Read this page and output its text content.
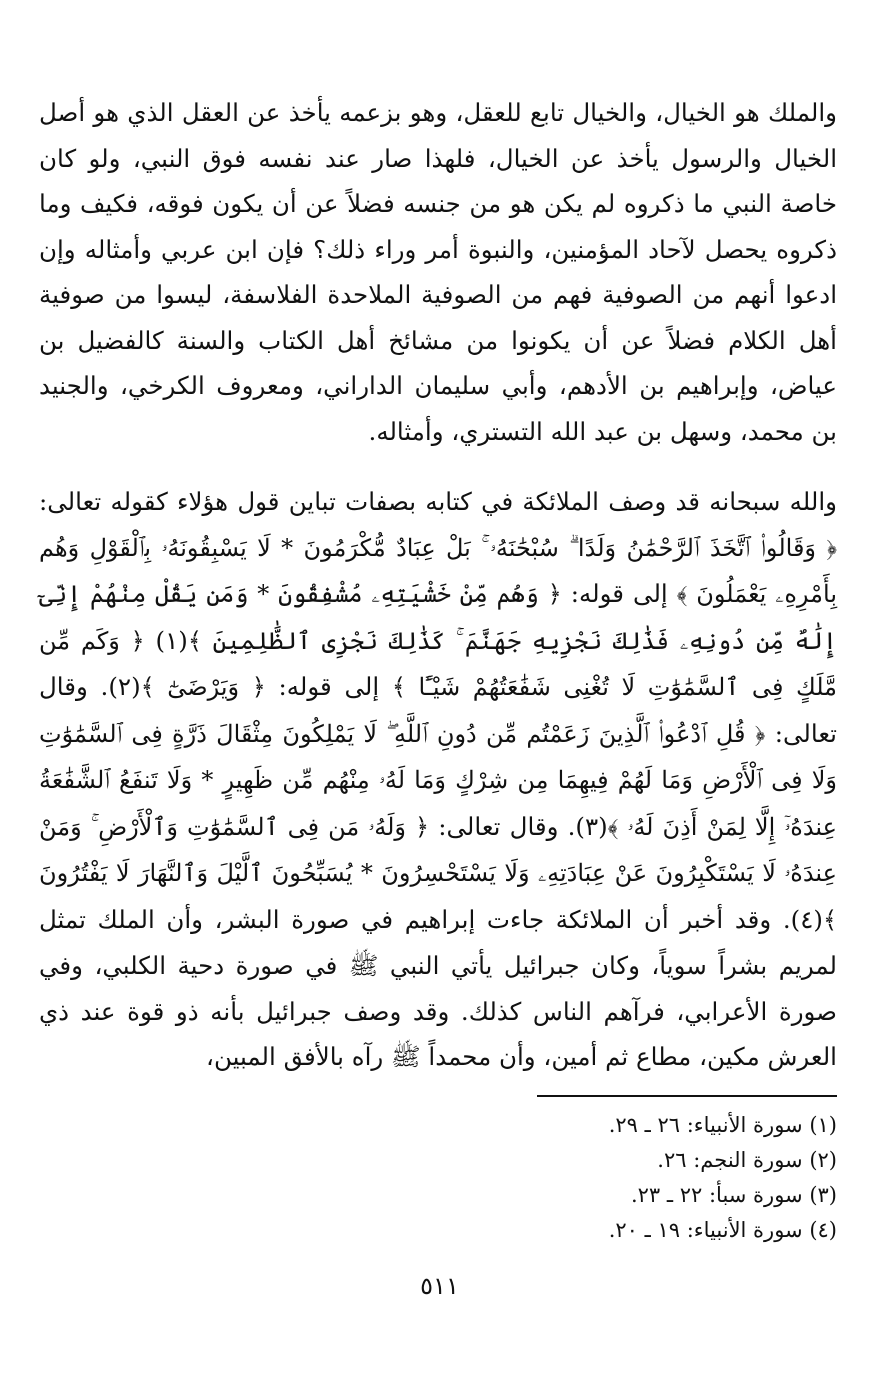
والملك هو الخيال، والخيال تابع للعقل، وهو بزعمه يأخذ عن العقل الذي هو أصل الخيال والرسول يأخذ عن الخيال، فلهذا صار عند نفسه فوق النبي، ولو كان خاصة النبي ما ذكروه لم يكن هو من جنسه فضلاً عن أن يكون فوقه، فكيف وما ذكروه يحصل لآحاد المؤمنين، والنبوة أمر وراء ذلك؟ فإن ابن عربي وأمثاله وإن ادعوا أنهم من الصوفية فهم من الصوفية الملاحدة الفلاسفة، ليسوا من صوفية أهل الكلام فضلاً عن أن يكونوا من مشائخ أهل الكتاب والسنة كالفضيل بن عياض، وإبراهيم بن الأدهم، وأبي سليمان الداراني، ومعروف الكرخي، والجنيد بن محمد، وسهل بن عبد الله التستري، وأمثاله.

والله سبحانه قد وصف الملائكة في كتابه بصفات تباين قول هؤلاء كقوله تعالى: ﴿ وَقَالُوا۟ ٱتَّخَذَ ٱلرَّحْمَٰنُ وَلَدًا ۗ سُبْحَٰنَهُۥ ۚ بَلْ عِبَادٌ مُّكْرَمُونَ * لَا يَسْبِقُونَهُۥ بِٱلْقَوْلِ وَهُم بِأَمْرِهِۦ يَعْمَلُونَ ﴾ إلى قوله: ﴿ وَهُم مِّنْ خَشْيَتِهِۦ مُشْفِقُونَ * وَمَن يَقُلْ مِنْهُمْ إِنِّىٓ إِلَٰهٌ مِّن دُونِهِۦ فَذَٰلِكَ نَجْزِيهِ جَهَنَّمَ ۚ كَذَٰلِكَ نَجْزِى ٱلظَّٰلِمِينَ ﴾(١) ﴿ وَكَم مِّن مَّلَكٍ فِى ٱلسَّمَٰوَٰتِ لَا تُغْنِى شَفَٰعَتُهُمْ شَيْـًٔا ﴾ إلى قوله: ﴿ وَيَرْضَىٰٓ ﴾(٢). وقال تعالى: ﴿ قُلِ ٱدْعُوا۟ ٱلَّذِينَ زَعَمْتُم مِّن دُونِ ٱللَّهِ ۖ لَا يَمْلِكُونَ مِثْقَالَ ذَرَّةٍ فِى ٱلسَّمَٰوَٰتِ وَلَا فِى ٱلْأَرْضِ وَمَا لَهُمْ فِيهِمَا مِن شِرْكٍ وَمَا لَهُۥ مِنْهُم مِّن ظَهِيرٍ * وَلَا تَنفَعُ ٱلشَّفَٰعَةُ عِندَهُۥٓ إِلَّا لِمَنْ أَذِنَ لَهُۥ ﴾(٣). وقال تعالى: ﴿ وَلَهُۥ مَن فِى ٱلسَّمَٰوَٰتِ وَٱلْأَرْضِ ۚ وَمَنْ عِندَهُۥ لَا يَسْتَكْبِرُونَ عَنْ عِبَادَتِهِۦ وَلَا يَسْتَحْسِرُونَ * يُسَبِّحُونَ ٱلَّيْلَ وَٱلنَّهَارَ لَا يَفْتُرُونَ ﴾(٤). وقد أخبر أن الملائكة جاءت إبراهيم في صورة البشر، وأن الملك تمثل لمريم بشراً سوياً، وكان جبرائيل يأتي النبي ﷺ في صورة دحية الكلبي، وفي صورة الأعرابي، فرآهم الناس كذلك. وقد وصف جبرائيل بأنه ذو قوة عند ذي العرش مكين، مطاع ثم أمين، وأن محمداً ﷺ رآه بالأفق المبين،

(١) سورة الأنبياء: ٢٦ ـ ٢٩.
(٢) سورة النجم: ٢٦.
(٣) سورة سبأ: ٢٢ ـ ٢٣.
(٤) سورة الأنبياء: ١٩ ـ ٢٠.
٥١١
